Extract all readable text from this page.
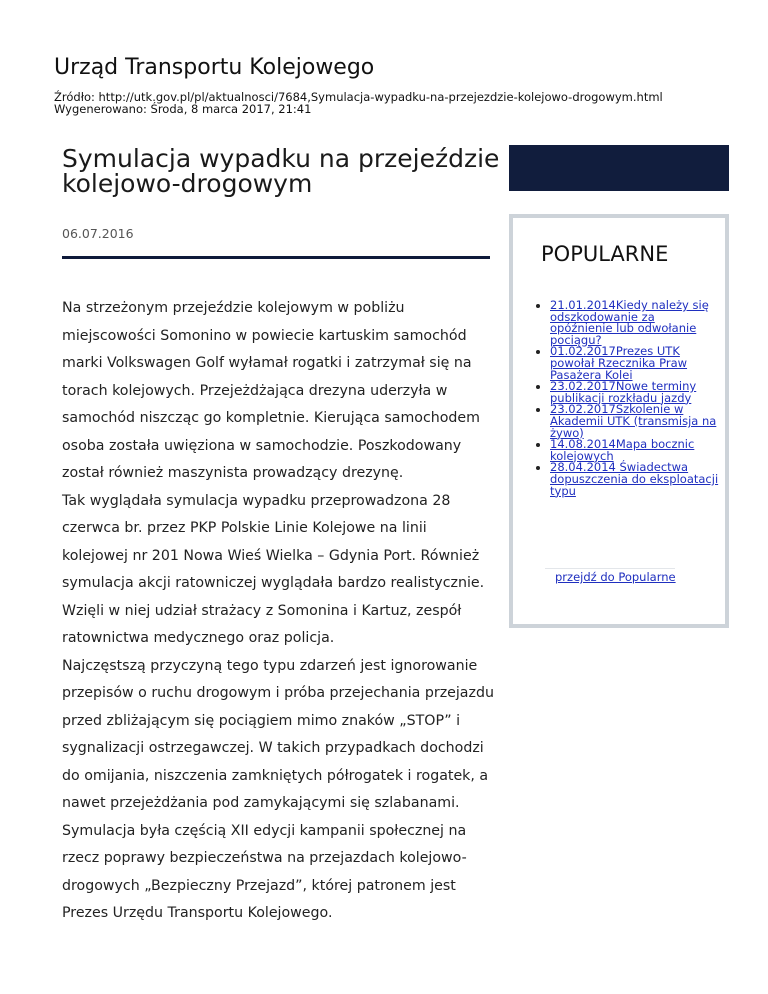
Urząd Transportu Kolejowego
Źródło: http://utk.gov.pl/pl/aktualnosci/7684,Symulacja-wypadku-na-przejezdzie-kolejowo-drogowym.html
Wygenerowano: Środa, 8 marca 2017, 21:41
Symulacja wypadku na przejeździe kolejowo-drogowym
06.07.2016

Na strzeżonym przejeździe kolejowym w pobliżu miejscowości Somonino w powiecie kartuskim samochód marki Volkswagen Golf wyłamał rogatki i zatrzymał się na torach kolejowych. Przejeżdżająca drezyna uderzyła w samochód niszcząc go kompletnie. Kierująca samochodem osoba została uwięziona w samochodzie. Poszkodowany został również maszynista prowadzący drezynę.

Tak wyglądała symulacja wypadku przeprowadzona 28 czerwca br. przez PKP Polskie Linie Kolejowe na linii kolejowej nr 201 Nowa Wieś Wielka – Gdynia Port. Również symulacja akcji ratowniczej wyglądała bardzo realistycznie. Wzięli w niej udział strażacy z Somonina i Kartuz, zespół ratownictwa medycznego oraz policja.

Najczęstszą przyczyną tego typu zdarzeń jest ignorowanie przepisów o ruchu drogowym i próba przejechania przejazdu przed zbliżającym się pociągiem mimo znaków „STOP” i sygnalizacji ostrzegawczej. W takich przypadkach dochodzi do omijania, niszczenia zamkniętych półrogatek i rogatek, a nawet przejeżdżania pod zamykającymi się szlabanami.

Symulacja była częścią XII edycji kampanii społecznej na rzecz poprawy bezpieczeństwa na przejazdach kolejowo-drogowych „Bezpieczny Przejazd”, której patronem jest Prezes Urzędu Transportu Kolejowego.

POPULARNE
• 21.01.2014Kiedy należy się odszkodowanie za opóźnienie lub odwołanie pociągu?
• 01.02.2017Prezes UTK powołał Rzecznika Praw Pasażera Kolei
• 23.02.2017Nowe terminy publikacji rozkładu jazdy
• 23.02.2017Szkolenie w Akademii UTK (transmisja na żywo)
• 14.08.2014Mapa bocznic kolejowych
• 28.04.2014 Świadectwa dopuszczenia do eksploatacji typu
przejdź do Popularne
